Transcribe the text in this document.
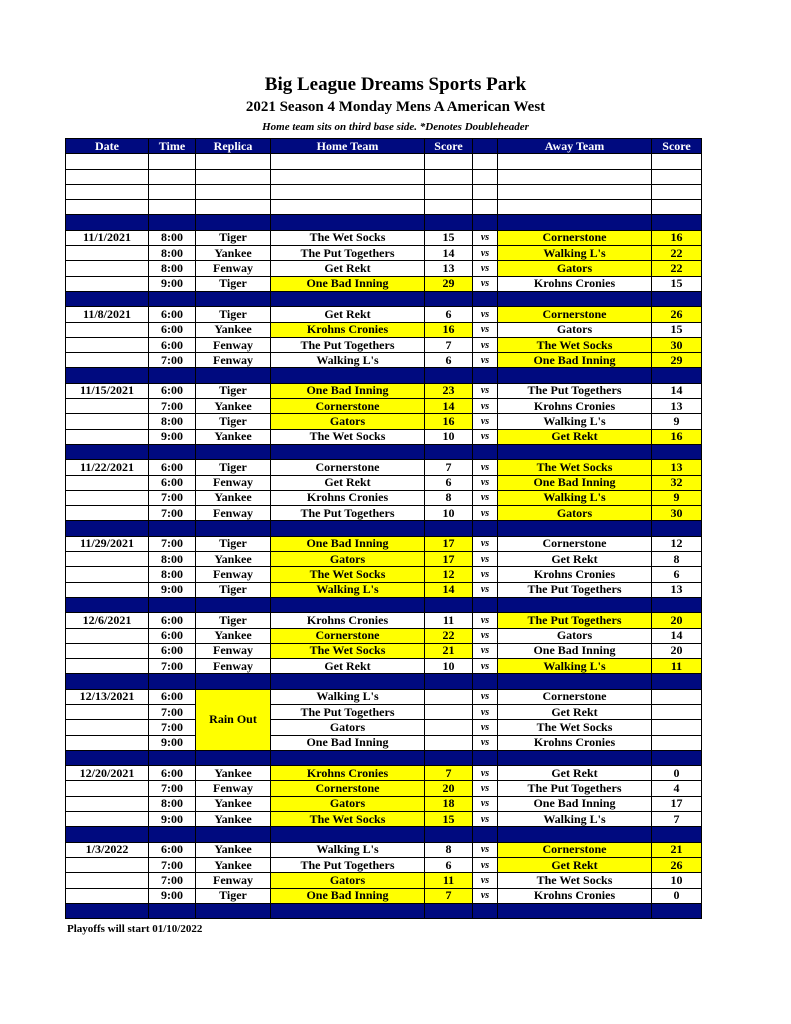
Big League Dreams Sports Park
2021 Season 4 Monday Mens A American West
Home team sits on third base side. *Denotes Doubleheader
Date	Time	Replica	Home Team	Score		Away Team	Score

11/1/2021	8:00	Tiger	The Wet Socks	15	vs	Cornerstone	16
	8:00	Yankee	The Put Togethers	14	vs	Walking L's	22
	8:00	Fenway	Get Rekt	13	vs	Gators	22
	9:00	Tiger	One Bad Inning	29	vs	Krohns Cronies	15

11/8/2021	6:00	Tiger	Get Rekt	6	vs	Cornerstone	26
	6:00	Yankee	Krohns Cronies	16	vs	Gators	15
	6:00	Fenway	The Put Togethers	7	vs	The Wet Socks	30
	7:00	Fenway	Walking L's	6	vs	One Bad Inning	29

11/15/2021	6:00	Tiger	One Bad Inning	23	vs	The Put Togethers	14
	7:00	Yankee	Cornerstone	14	vs	Krohns Cronies	13
	8:00	Tiger	Gators	16	vs	Walking L's	9
	9:00	Yankee	The Wet Socks	10	vs	Get Rekt	16

11/22/2021	6:00	Tiger	Cornerstone	7	vs	The Wet Socks	13
	6:00	Fenway	Get Rekt	6	vs	One Bad Inning	32
	7:00	Yankee	Krohns Cronies	8	vs	Walking L's	9
	7:00	Fenway	The Put Togethers	10	vs	Gators	30

11/29/2021	7:00	Tiger	One Bad Inning	17	vs	Cornerstone	12
	8:00	Yankee	Gators	17	vs	Get Rekt	8
	8:00	Fenway	The Wet Socks	12	vs	Krohns Cronies	6
	9:00	Tiger	Walking L's	14	vs	The Put Togethers	13

12/6/2021	6:00	Tiger	Krohns Cronies	11	vs	The Put Togethers	20
	6:00	Yankee	Cornerstone	22	vs	Gators	14
	6:00	Fenway	The Wet Socks	21	vs	One Bad Inning	20
	7:00	Fenway	Get Rekt	10	vs	Walking L's	11

12/13/2021	6:00	Rain Out	Walking L's		vs	Cornerstone	
	7:00		The Put Togethers		vs	Get Rekt	
	7:00		Gators		vs	The Wet Socks	
	9:00		One Bad Inning		vs	Krohns Cronies	

12/20/2021	6:00	Yankee	Krohns Cronies	7	vs	Get Rekt	0
	7:00	Fenway	Cornerstone	20	vs	The Put Togethers	4
	8:00	Yankee	Gators	18	vs	One Bad Inning	17
	9:00	Yankee	The Wet Socks	15	vs	Walking L's	7

1/3/2022	6:00	Yankee	Walking L's	8	vs	Cornerstone	21
	7:00	Yankee	The Put Togethers	6	vs	Get Rekt	26
	7:00	Fenway	Gators	11	vs	The Wet Socks	10
	9:00	Tiger	One Bad Inning	7	vs	Krohns Cronies	0

Playoffs will start 01/10/2022
